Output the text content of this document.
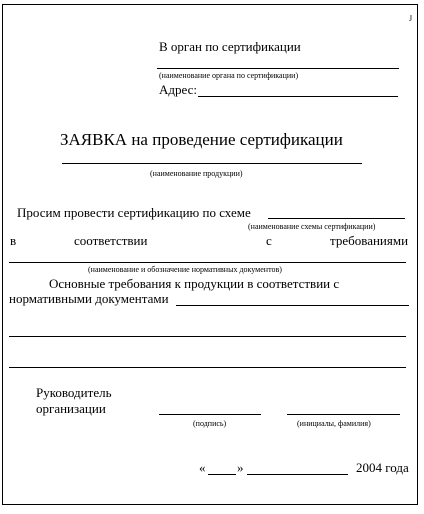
J
В орган по сертификации
(наименование органа по сертификации)
Адрес:
ЗАЯВКА на проведение сертификации
(наименование продукции)
Просим провести сертификацию по схеме
(наименование схемы сертификации)
в	соответствии	с	требованиями
(наименование и обозначение нормативных документов)
Основные требования к продукции в соответствии с
нормативными документами
Руководитель
организации
(подпись)	(инициалы, фамилия)
« »	2004 года
